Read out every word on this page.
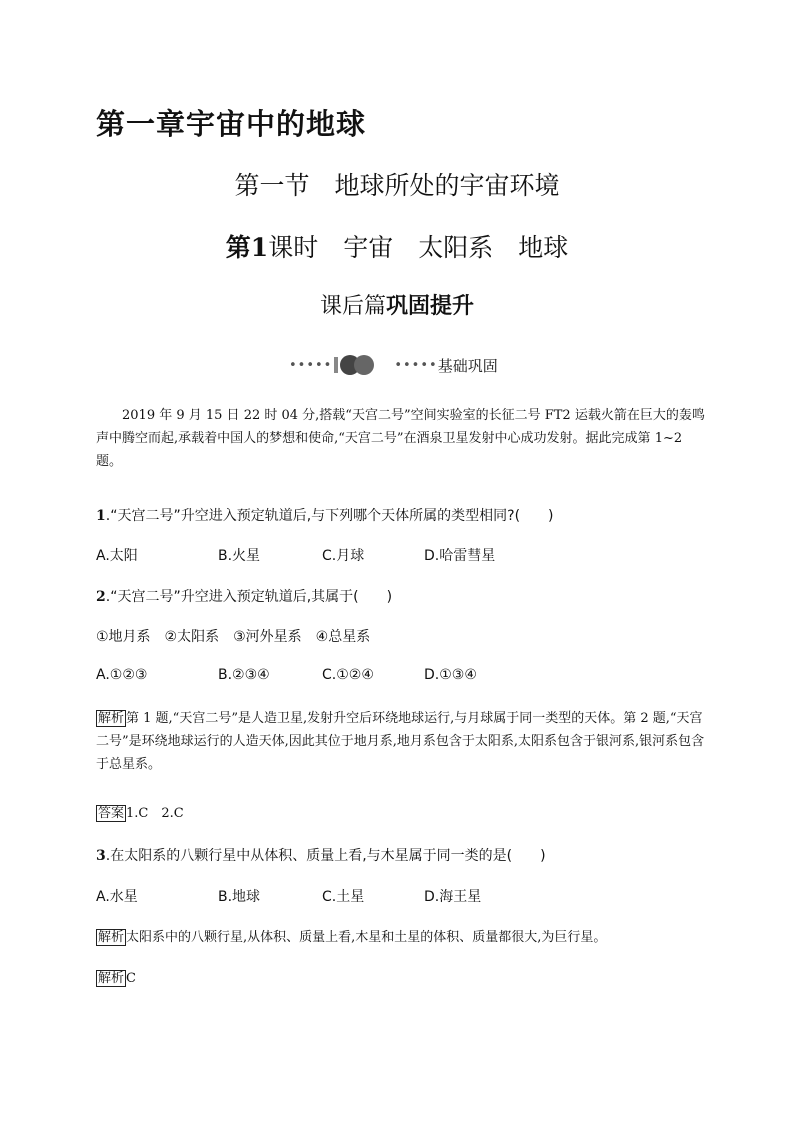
第一章宇宙中的地球
第一节　地球所处的宇宙环境
第1课时　宇宙　太阳系　地球
课后篇巩固提升
•••••	••••• 基础巩固
2019 年 9 月 15 日 22 时 04 分,搭载“天宫二号”空间实验室的长征二号 FT2 运载火箭在巨大的轰鸣声中腾空而起,承载着中国人的梦想和使命,“天宫二号”在酒泉卫星发射中心成功发射。据此完成第 1~2 题。
1.“天宫二号”升空进入预定轨道后,与下列哪个天体所属的类型相同?(　　)
A.太阳	B.火星	C.月球	D.哈雷彗星
2.“天宫二号”升空进入预定轨道后,其属于(　　)
①地月系　②太阳系　③河外星系　④总星系
A.①②③	B.②③④	C.①②④	D.①③④
解析 第 1 题,“天宫二号”是人造卫星,发射升空后环绕地球运行,与月球属于同一类型的天体。第 2 题,“天宫二号”是环绕地球运行的人造天体,因此其位于地月系,地月系包含于太阳系,太阳系包含于银河系,银河系包含于总星系。
答案 1.C　2.C
3.在太阳系的八颗行星中从体积、质量上看,与木星属于同一类的是(　　)
A.水星	B.地球	C.土星	D.海王星
解析 太阳系中的八颗行星,从体积、质量上看,木星和土星的体积、质量都很大,为巨行星。
解析 C
